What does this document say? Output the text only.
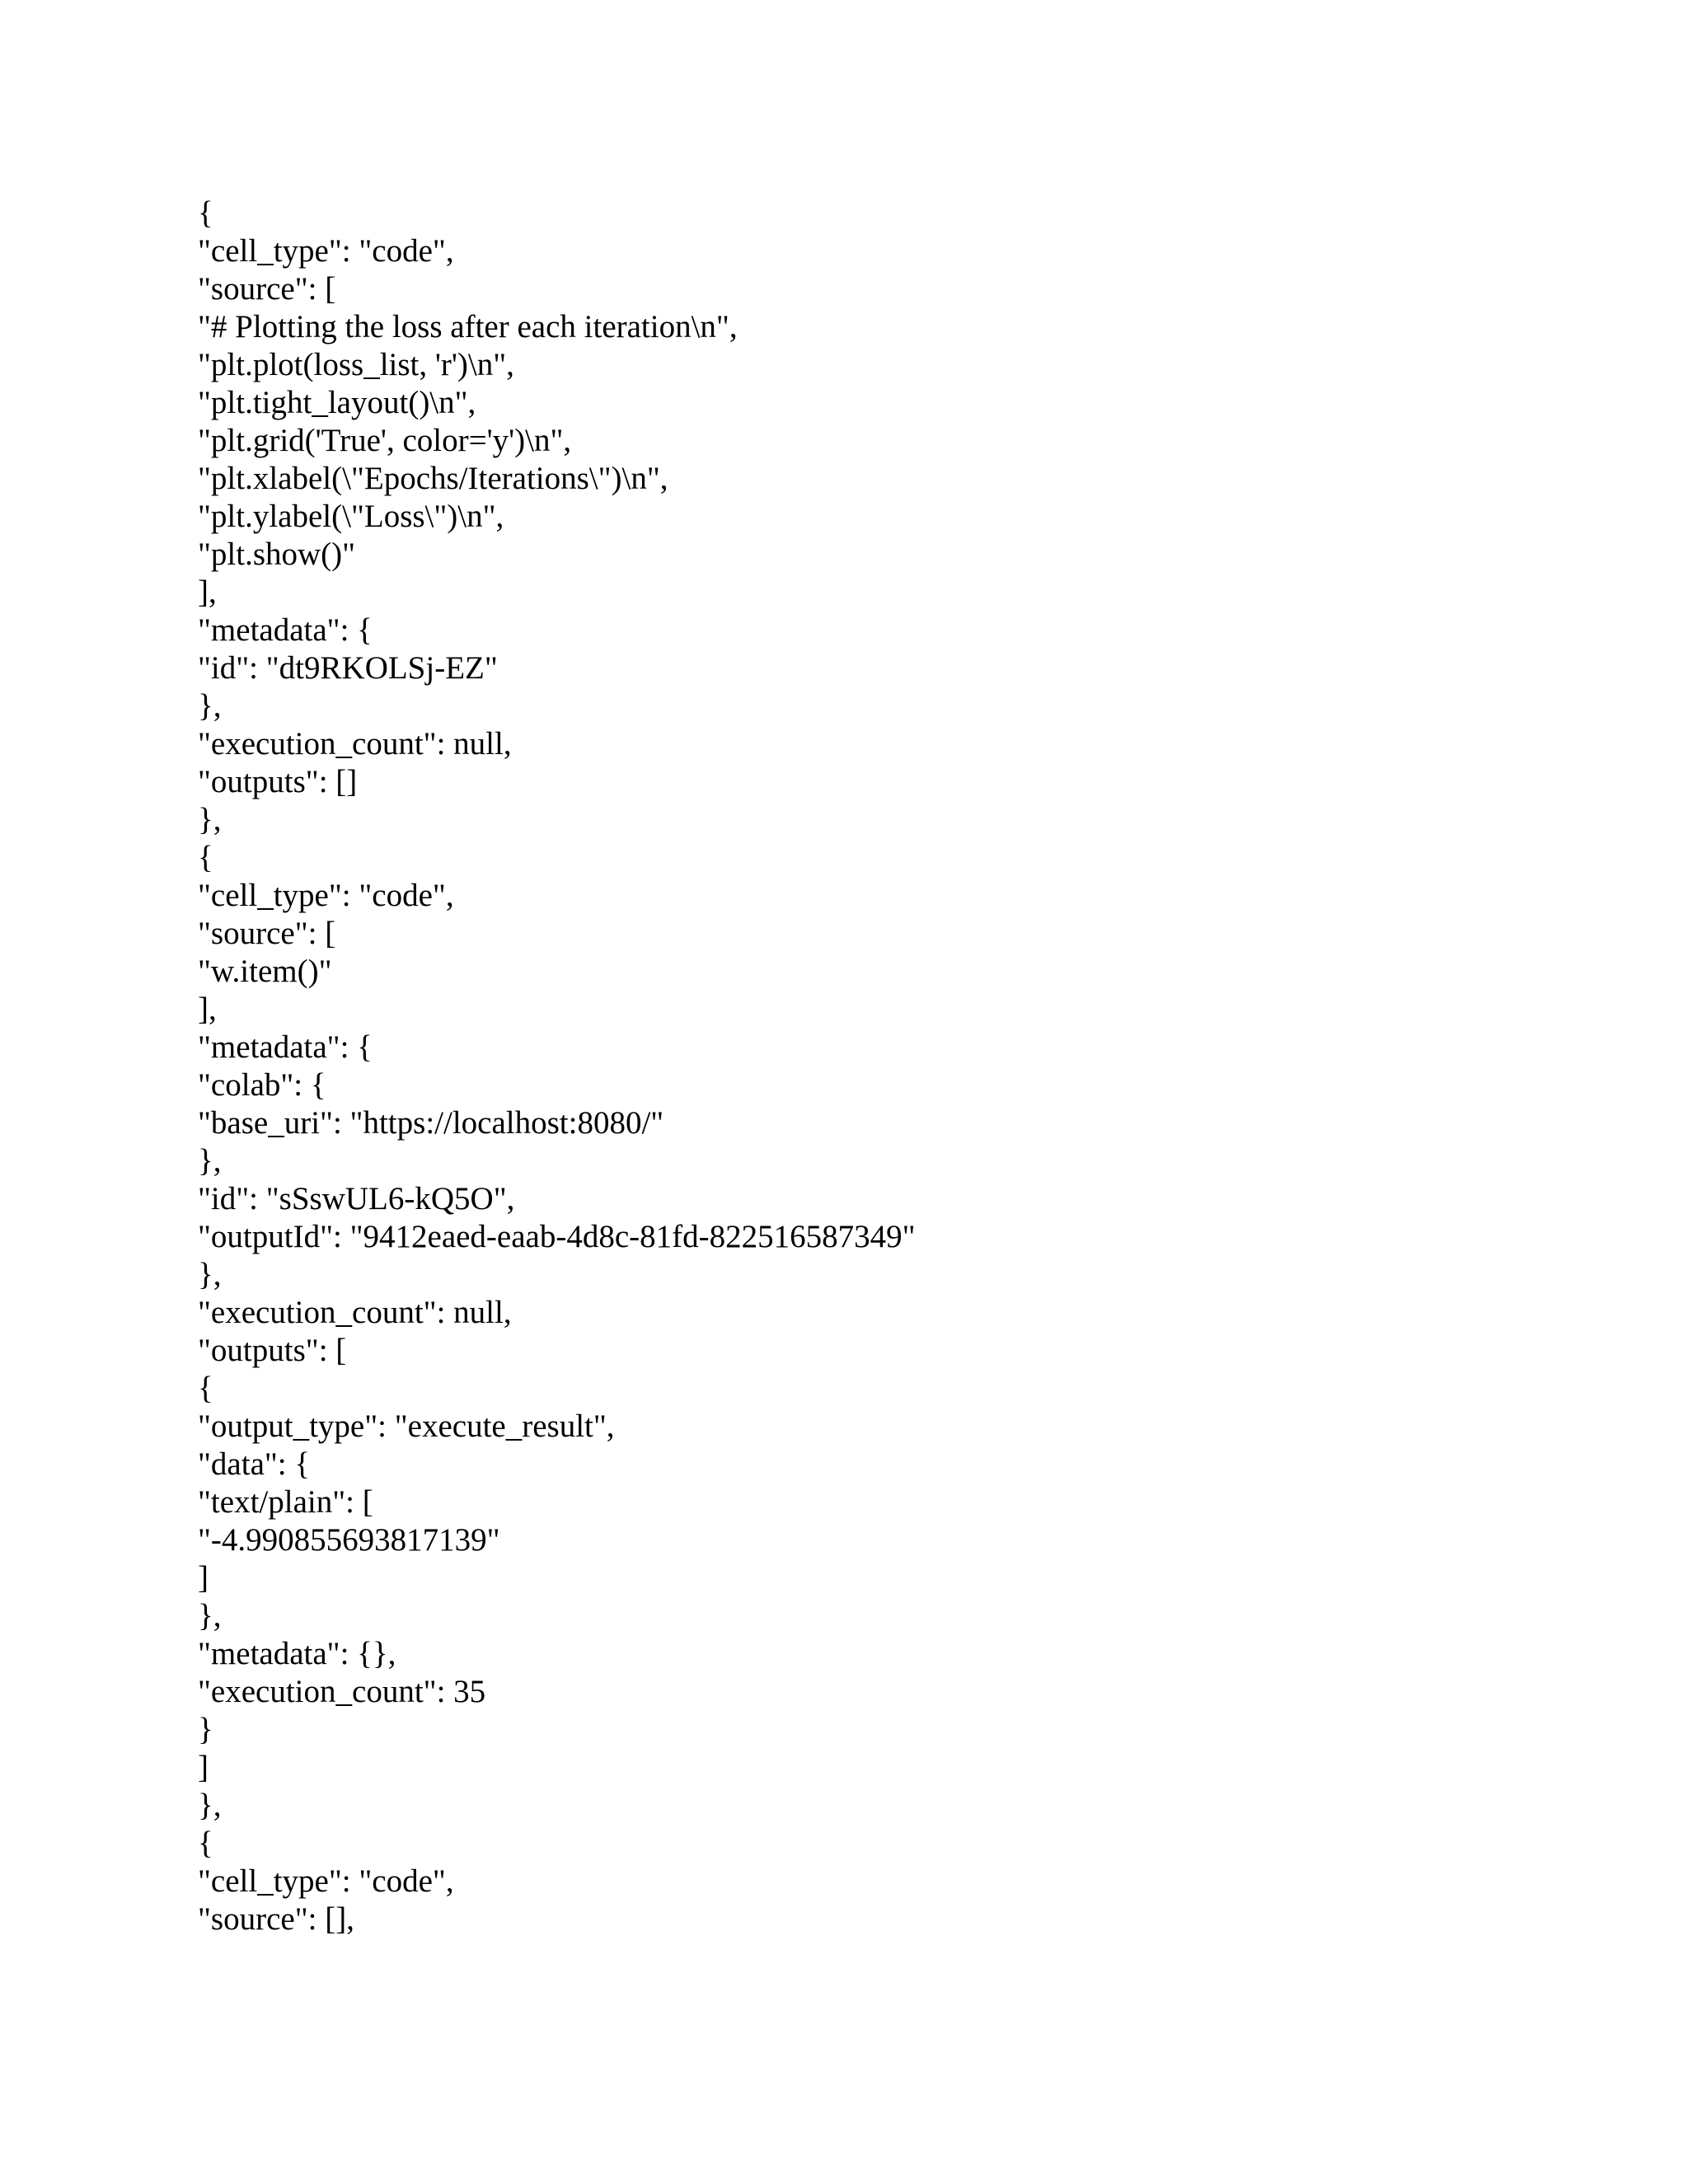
{
"cell_type": "code",
"source": [
"# Plotting the loss after each iteration\n",
"plt.plot(loss_list, 'r')\n",
"plt.tight_layout()\n",
"plt.grid('True', color='y')\n",
"plt.xlabel(\"Epochs/Iterations\")\n",
"plt.ylabel(\"Loss\")\n",
"plt.show()"
],
"metadata": {
"id": "dt9RKOLSj-EZ"
},
"execution_count": null,
"outputs": []
},
{
"cell_type": "code",
"source": [
"w.item()"
],
"metadata": {
"colab": {
"base_uri": "https://localhost:8080/"
},
"id": "sSswUL6-kQ5O",
"outputId": "9412eaed-eaab-4d8c-81fd-822516587349"
},
"execution_count": null,
"outputs": [
{
"output_type": "execute_result",
"data": {
"text/plain": [
"-4.990855693817139"
]
},
"metadata": {},
"execution_count": 35
}
]
},
{
"cell_type": "code",
"source": [],
